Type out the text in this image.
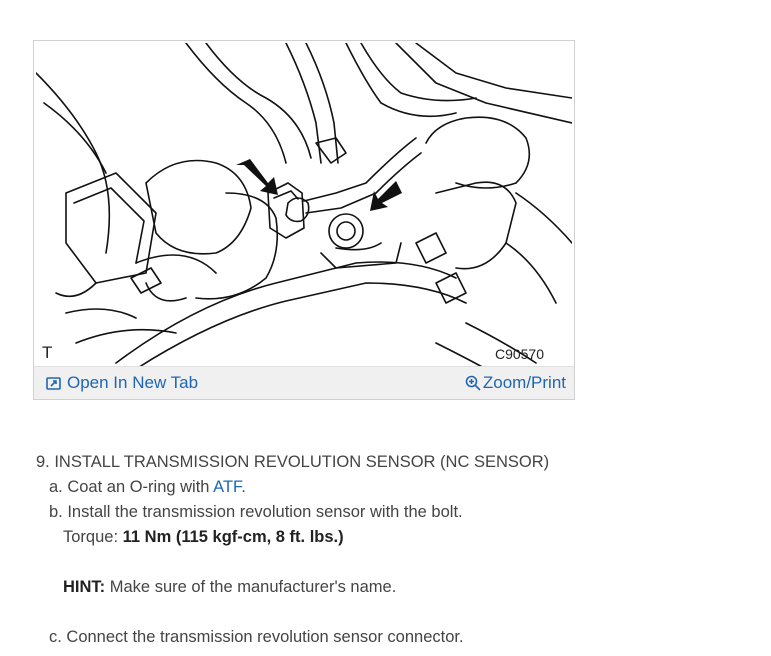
T	C90570
Open In New Tab	Zoom/Print
9. INSTALL TRANSMISSION REVOLUTION SENSOR (NC SENSOR)
a. Coat an O-ring with ATF.
b. Install the transmission revolution sensor with the bolt.
Torque: 11 Nm (115 kgf-cm, 8 ft. lbs.)
HINT: Make sure of the manufacturer's name.
c. Connect the transmission revolution sensor connector.
